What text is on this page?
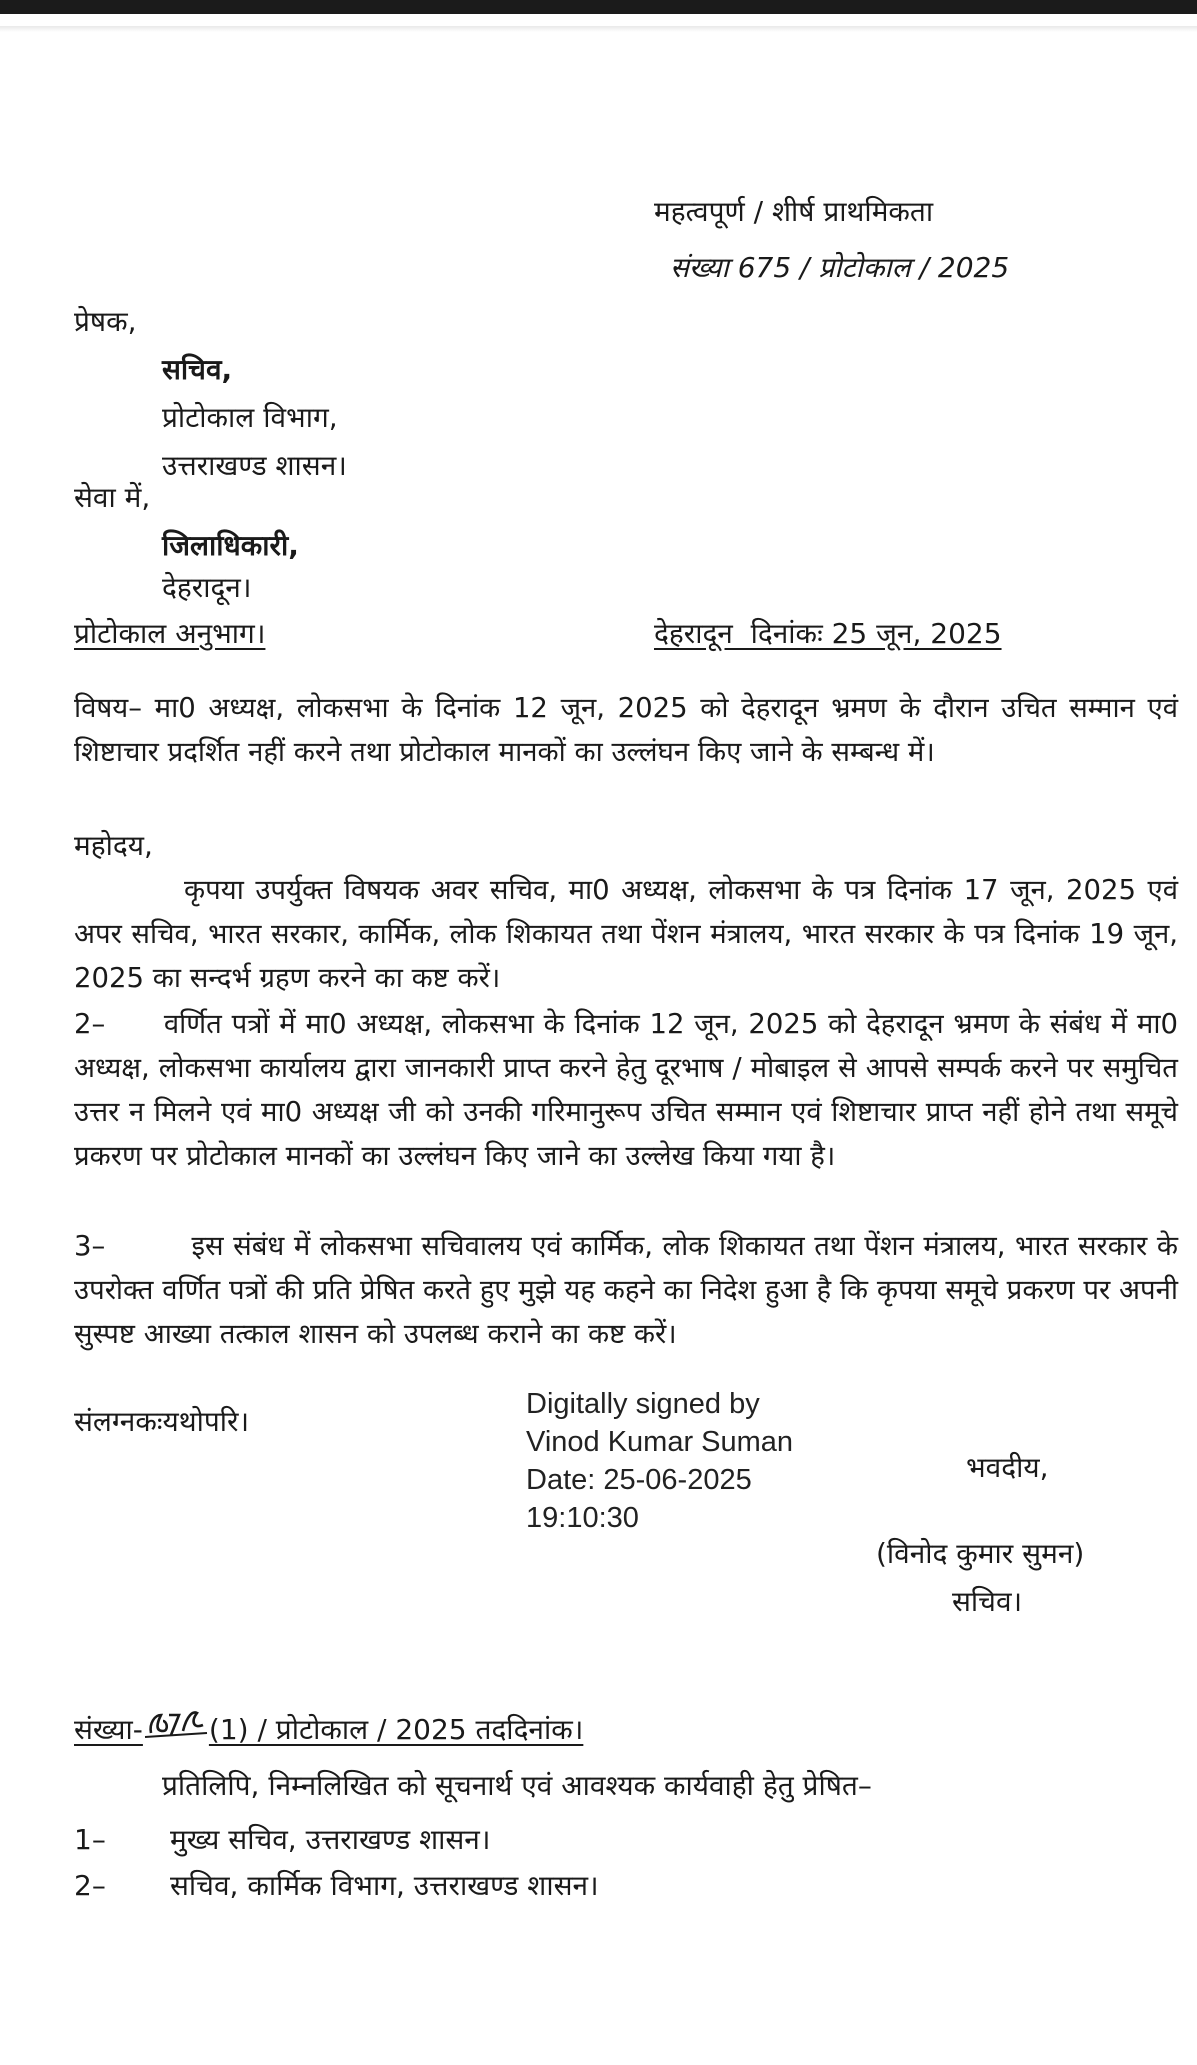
महत्वपूर्ण / शीर्ष प्राथमिकता
संख्या 675 / प्रोटोकाल / 2025
प्रेषक,
सचिव,
प्रोटोकाल विभाग,
उत्तराखण्ड शासन।
सेवा में,
जिलाधिकारी,
देहरादून।
प्रोटोकाल अनुभाग।	देहरादून  दिनांकः 25 जून, 2025
विषय– मा0 अध्यक्ष, लोकसभा के दिनांक 12 जून, 2025 को देहरादून भ्रमण के दौरान उचित सम्मान एवं शिष्टाचार प्रदर्शित नहीं करने तथा प्रोटोकाल मानकों का उल्लंघन किए जाने के सम्बन्ध में।
महोदय,
कृपया उपर्युक्त विषयक अवर सचिव, मा0 अध्यक्ष, लोकसभा के पत्र दिनांक 17 जून, 2025 एवं अपर सचिव, भारत सरकार, कार्मिक, लोक शिकायत तथा पेंशन मंत्रालय, भारत सरकार के पत्र दिनांक 19 जून, 2025 का सन्दर्भ ग्रहण करने का कष्ट करें।
2–      वर्णित पत्रों में मा0 अध्यक्ष, लोकसभा के दिनांक 12 जून, 2025 को देहरादून भ्रमण के संबंध में मा0 अध्यक्ष, लोकसभा कार्यालय द्वारा जानकारी प्राप्त करने हेतु दूरभाष / मोबाइल से आपसे सम्पर्क करने पर समुचित उत्तर न मिलने एवं मा0 अध्यक्ष जी को उनकी गरिमानुरूप उचित सम्मान एवं शिष्टाचार प्राप्त नहीं होने तथा समूचे प्रकरण पर प्रोटोकाल मानकों का उल्लंघन किए जाने का उल्लेख किया गया है।
3–         इस संबंध में लोकसभा सचिवालय एवं कार्मिक, लोक शिकायत तथा पेंशन मंत्रालय, भारत सरकार के उपरोक्त वर्णित पत्रों की प्रति प्रेषित करते हुए मुझे यह कहने का निदेश हुआ है कि कृपया समूचे प्रकरण पर अपनी सुस्पष्ट आख्या तत्काल शासन को उपलब्ध कराने का कष्ट करें।
संलग्नकःयथोपरि।
Digitally signed by
Vinod Kumar Suman
Date: 25-06-2025
19:10:30
भवदीय,
(विनोद कुमार सुमन)
सचिव।
संख्या- (1) / प्रोटोकाल / 2025 तददिनांक।
प्रतिलिपि, निम्नलिखित को सूचनार्थ एवं आवश्यक कार्यवाही हेतु प्रेषित–
1– मुख्य सचिव, उत्तराखण्ड शासन।
2– सचिव, कार्मिक विभाग, उत्तराखण्ड शासन।
